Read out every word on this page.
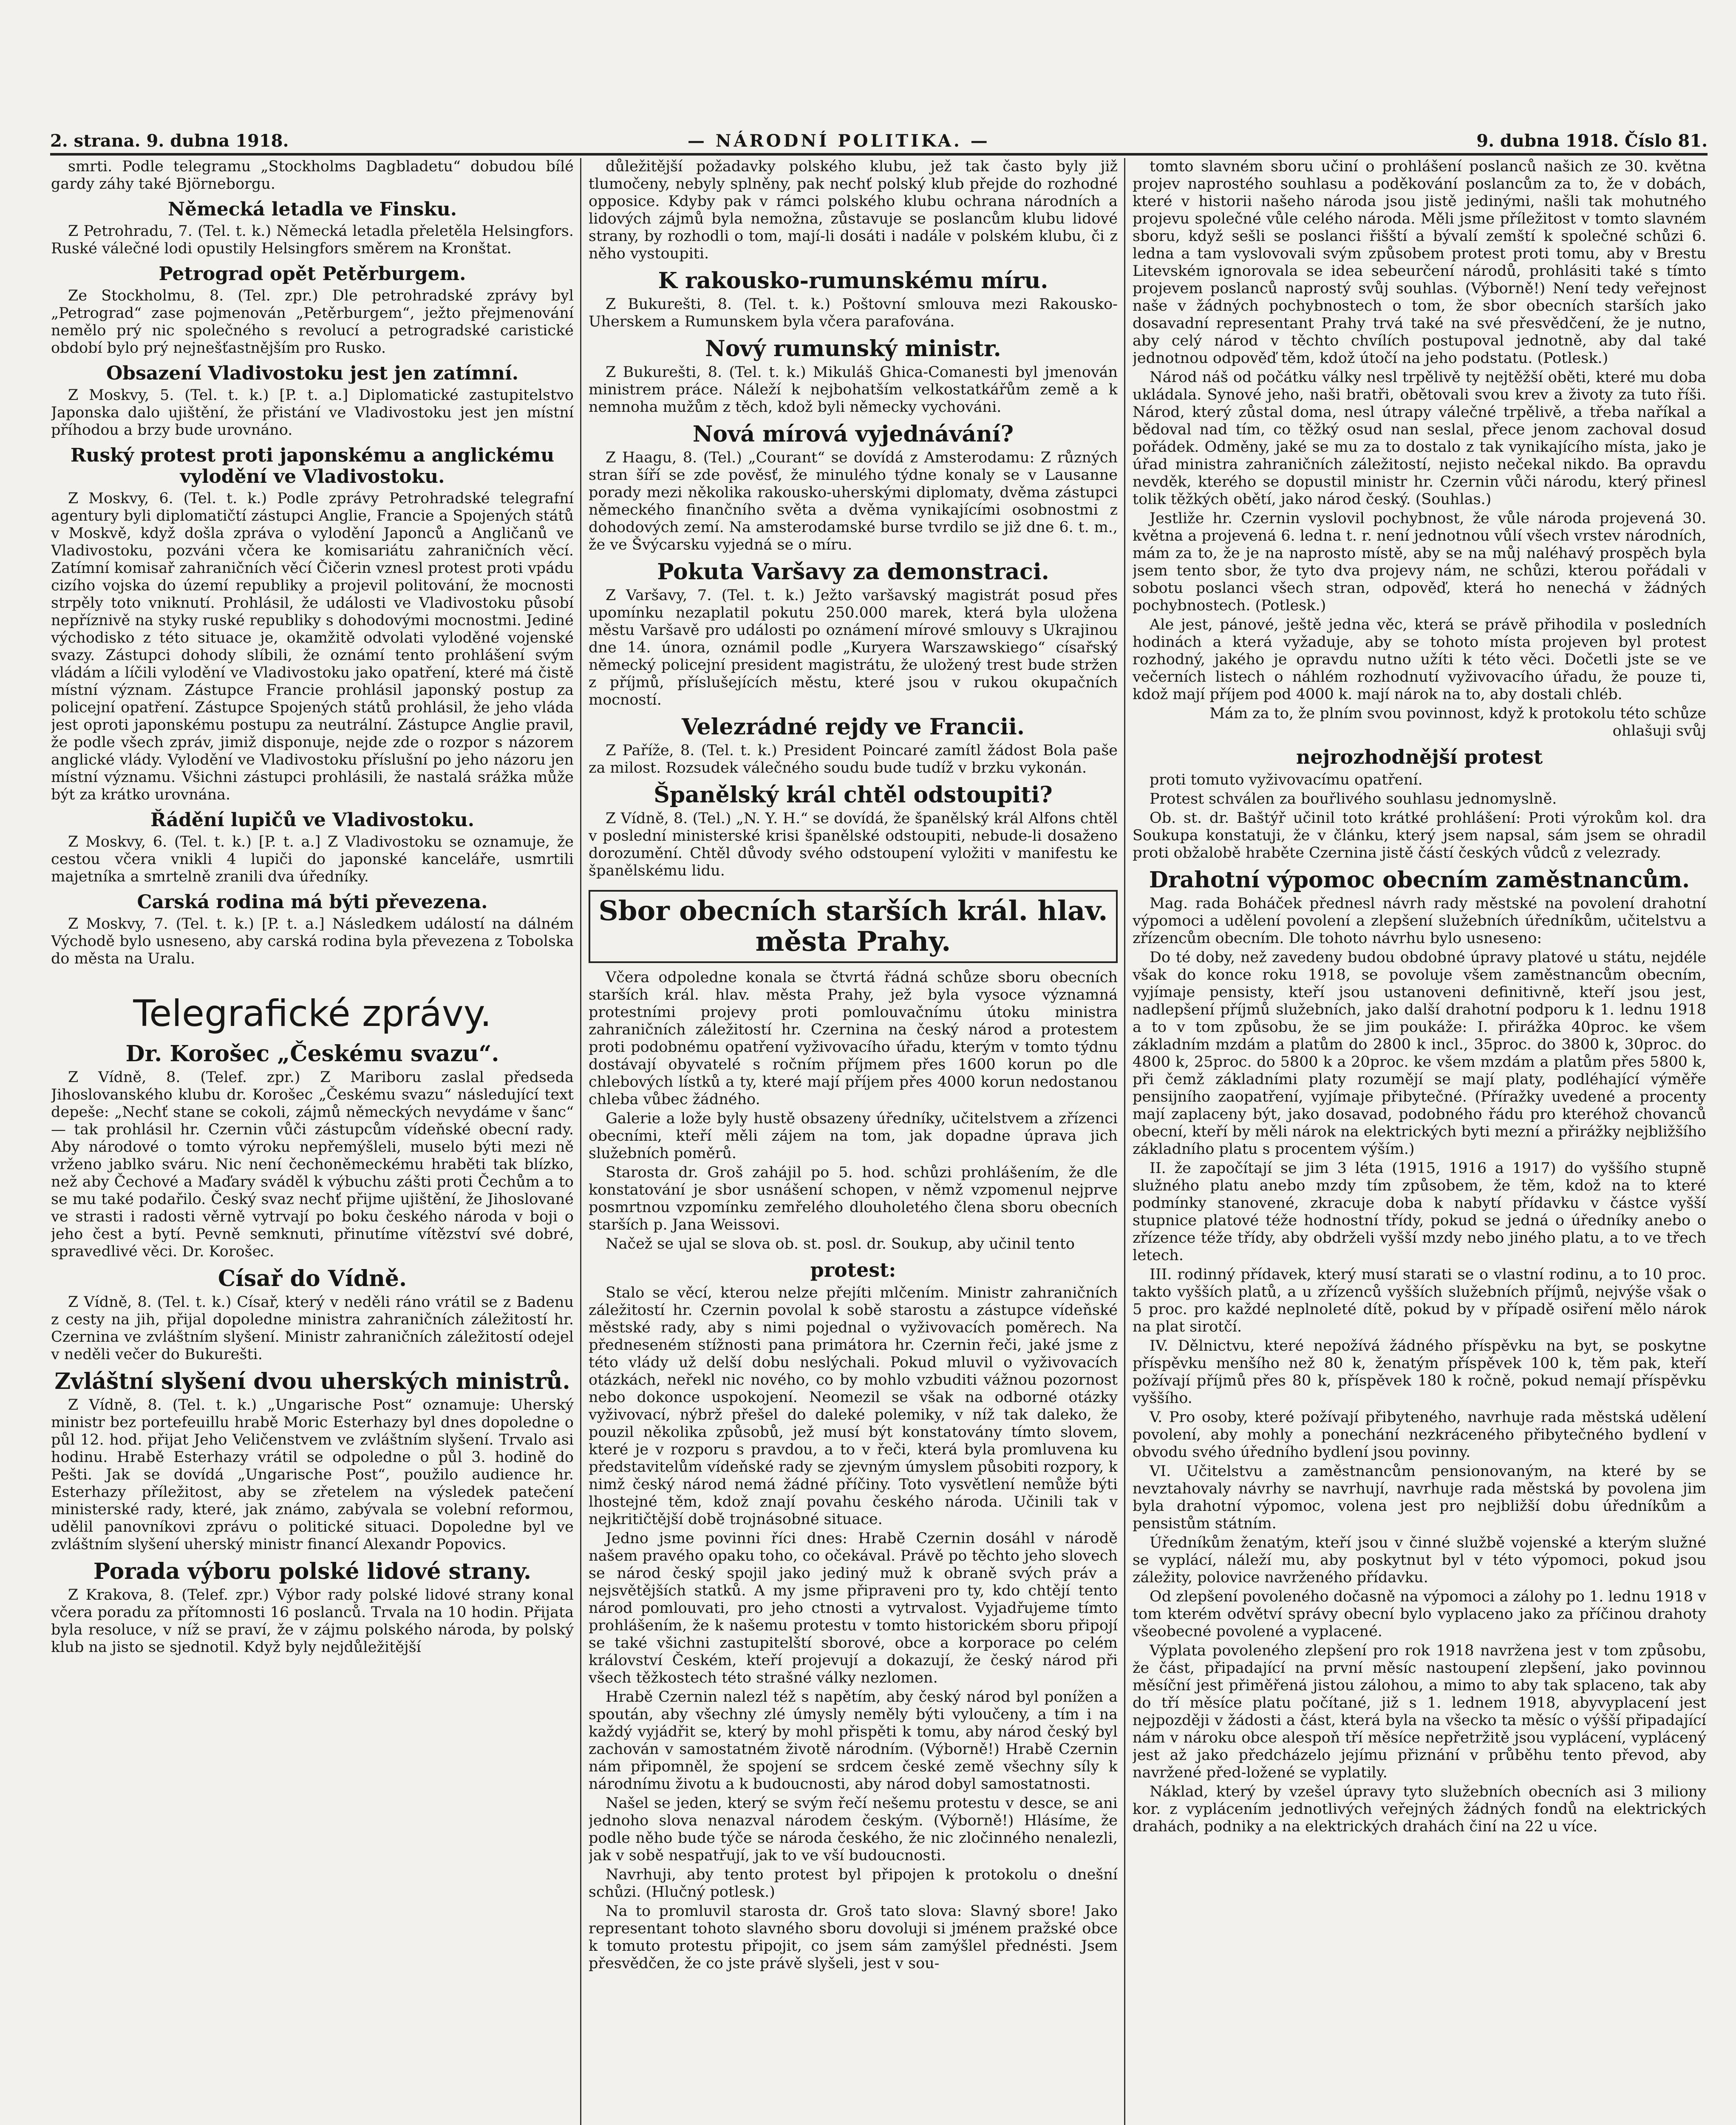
2. strana. 9. dubna 1918.	— NÁRODNÍ POLITIKA. —	9. dubna 1918. Číslo 81.

smrti. Podle telegramu „Stockholms Dagbladetu“ dobudou bílé gardy záhy také Björneborgu.

Německá letadla ve Finsku.

Z Petrohradu, 7. (Tel. t. k.) Německá letadla přeletěla Helsingfors. Ruské válečné lodi opustily Helsingfors směrem na Kronštat.

Petrograd opět Petěrburgem.

Ze Stockholmu, 8. (Tel. zpr.) Dle petrohradské zprávy byl „Petrograd“ zase pojmenován „Petěrburgem“, ježto přejmenování nemělo prý nic společného s revolucí a petrogradské caristické období bylo prý nejnešťastnějším pro Rusko.

Obsazení Vladivostoku jest jen zatímní.

Z Moskvy, 5. (Tel. t. k.) [P. t. a.] Diplomatické zastupitelstvo Japonska dalo ujištění, že přistání ve Vladivostoku jest jen místní příhodou a brzy bude urovnáno.

Ruský protest proti japonskému a anglickému vylodění ve Vladivostoku.

Z Moskvy, 6. (Tel. t. k.) Podle zprávy Petrohradské telegrafní agentury byli diplomatičtí zástupci Anglie, Francie a Spojených států v Moskvě, když došla zpráva o vylodění Japonců a Angličanů ve Vladivostoku, pozváni včera ke komisariátu zahraničních věcí. Zatímní komisař zahraničních věcí Čičerin vznesl protest proti vpádu cizího vojska do území republiky a projevil politování, že mocnosti strpěly toto vniknutí. Prohlásil, že události ve Vladivostoku působí nepříznivě na styky ruské republiky s dohodovými mocnostmi. Jediné východisko z této situace je, okamžitě odvolati vyloděné vojenské svazy. Zástupci dohody slíbili, že oznámí tento prohlášení svým vládám a líčili vylodění ve Vladivostoku jako opatření, které má čistě místní význam. Zástupce Francie prohlásil japonský postup za policejní opatření. Zástupce Spojených států prohlásil, že jeho vláda jest oproti japonskému postupu za neutrální. Zástupce Anglie pravil, že podle všech zpráv, jimiž disponuje, nejde zde o rozpor s názorem anglické vlády. Vylodění ve Vladivostoku příslušní po jeho názoru jen místní významu. Všichni zástupci prohlásili, že nastalá srážka může být za krátko urovnána.

Řádění lupičů ve Vladivostoku.

Z Moskvy, 6. (Tel. t. k.) [P. t. a.] Z Vladivostoku se oznamuje, že cestou včera vnikli 4 lupiči do japonské kanceláře, usmrtili majetníka a smrtelně zranili dva úředníky.

Carská rodina má býti převezena.

Z Moskvy, 7. (Tel. t. k.) [P. t. a.] Následkem událostí na dálném Východě bylo usneseno, aby carská rodina byla převezena z Tobolska do města na Uralu.

Telegrafické zprávy.
Dr. Korošec „Českému svazu“.

Z Vídně, 8. (Telef. zpr.) Z Mariboru zaslal předseda Jihoslovanského klubu dr. Korošec „Českému svazu“ následující text depeše: „Nechť stane se cokoli, zájmů německých nevydáme v šanc“ — tak prohlásil hr. Czernin vůči zástupcům vídeňské obecní rady. Aby národové o tomto výroku nepřemýšleli, muselo býti mezi ně vrženo jablko sváru. Nic není čechoněmeckému hraběti tak blízko, než aby Čechové a Maďary sváděl k výbuchu zášti proti Čechům a to se mu také podařilo. Český svaz nechť přijme ujištění, že Jihoslované ve strasti i radosti věrně vytrvají po boku českého národa v boji o jeho čest a bytí. Pevně semknuti, přinutíme vítězství své dobré, spravedlivé věci. Dr. Korošec.

Císař do Vídně.

Z Vídně, 8. (Tel. t. k.) Císař, který v neděli ráno vrátil se z Badenu z cesty na jih, přijal dopoledne ministra zahraničních záležitostí hr. Czernina ve zvláštním slyšení. Ministr zahraničních záležitostí odejel v neděli večer do Bukurešti.

Zvláštní slyšení dvou uherských ministrů.

Z Vídně, 8. (Tel. t. k.) „Ungarische Post“ oznamuje: Uherský ministr bez portefeuillu hrabě Moric Esterhazy byl dnes dopoledne o půl 12. hod. přijat Jeho Veličenstvem ve zvláštním slyšení. Trvalo asi hodinu. Hrabě Esterhazy vrátil se odpoledne o půl 3. hodině do Pešti. Jak se dovídá „Ungarische Post“, použilo audience hr. Esterhazy příležitost, aby se zřetelem na výsledek patečení ministerské rady, které, jak známo, zabývala se volební reformou, udělil panovníkovi zprávu o politické situaci. Dopoledne byl ve zvláštním slyšení uherský ministr financí Alexandr Popovics.

Porada výboru polské lidové strany.

Z Krakova, 8. (Telef. zpr.) Výbor rady polské lidové strany konal včera poradu za přítomnosti 16 poslanců. Trvala na 10 hodin. Přijata byla resoluce, v níž se praví, že v zájmu polského národa, by polský klub na jisto se sjednotil. Když byly nejdůležitější

důležitější požadavky polského klubu, jež tak často byly již tlumočeny, nebyly splněny, pak nechť polský klub přejde do rozhodné opposice. Kdyby pak v rámci polského klubu ochrana národních a lidových zájmů byla nemožna, zůstavuje se poslancům klubu lidové strany, by rozhodli o tom, mají-li dosáti i nadále v polském klubu, či z něho vystoupiti.

K rakousko-rumunskému míru.

Z Bukurešti, 8. (Tel. t. k.) Poštovní smlouva mezi Rakousko-Uherskem a Rumunskem byla včera parafována.

Nový rumunský ministr.

Z Bukurešti, 8. (Tel. t. k.) Mikuláš Ghica-Comanesti byl jmenován ministrem práce. Náleží k nejbohatším velkostatkářům země a k nemnoha mužům z těch, kdož byli německy vychováni.

Nová mírová vyjednávání?

Z Haagu, 8. (Tel.) „Courant“ se dovídá z Amsterodamu: Z různých stran šíří se zde pověsť, že minulého týdne konaly se v Lausanne porady mezi několika rakousko-uherskými diplomaty, dvěma zástupci německého finančního světa a dvěma vynikajícími osobnostmi z dohodových zemí. Na amsterodamské burse tvrdilo se již dne 6. t. m., že ve Švýcarsku vyjedná se o míru.

Pokuta Varšavy za demonstraci.

Z Varšavy, 7. (Tel. t. k.) Ježto varšavský magistrát posud přes upomínku nezaplatil pokutu 250.000 marek, která byla uložena městu Varšavě pro události po oznámení mírové smlouvy s Ukrajinou dne 14. února, oznámil podle „Kuryera Warszawskiego“ císařský německý policejní president magistrátu, že uložený trest bude stržen z příjmů, příslušejících městu, které jsou v rukou okupačních mocností.

Velezrádné rejdy ve Francii.

Z Paříže, 8. (Tel. t. k.) President Poincaré zamítl žádost Bola paše za milost. Rozsudek válečného soudu bude tudíž v brzku vykonán.

Španělský král chtěl odstoupiti?

Z Vídně, 8. (Tel.) „N. Y. H.“ se dovídá, že španělský král Alfons chtěl v poslední ministerské krisi španělské odstoupiti, nebude-li dosaženo dorozumění. Chtěl důvody svého odstoupení vyložiti v manifestu ke španělskému lidu.

Sbor obecních starších král. hlav. města Prahy.

Včera odpoledne konala se čtvrtá řádná schůze sboru obecních starších král. hlav. města Prahy, jež byla vysoce významná protestními projevy proti pomlouvačnímu útoku ministra zahraničních záležitostí hr. Czernina na český národ a protestem proti podobnému opatření vyživovacího úřadu, kterým v tomto týdnu dostávají obyvatelé s ročním příjmem přes 1600 korun po dle chlebových lístků a ty, které mají příjem přes 4000 korun nedostanou chleba vůbec žádného.

Galerie a lože byly hustě obsazeny úředníky, učitelstvem a zřízenci obecními, kteří měli zájem na tom, jak dopadne úprava jich služebních poměrů.

Starosta dr. Groš zahájil po 5. hod. schůzi prohlášením, že dle konstatování je sbor usnášení schopen, v němž vzpomenul nejprve posmrtnou vzpomínku zemřelého dlouholetého člena sboru obecních starších p. Jana Weissovi.

Načež se ujal se slova ob. st. posl. dr. Soukup, aby učinil tento

protest:

Stalo se věcí, kterou nelze přejíti mlčením. Ministr zahraničních záležitostí hr. Czernin povolal k sobě starostu a zástupce vídeňské městské rady, aby s nimi pojednal o vyživovacích poměrech. Na předneseném stížnosti pana primátora hr. Czernin řeči, jaké jsme z této vlády už delší dobu neslýchali. Pokud mluvil o vyživovacích otázkách, neřekl nic nového, co by mohlo vzbuditi vážnou pozornost nebo dokonce uspokojení. Neomezil se však na odborné otázky vyživovací, nýbrž přešel do daleké polemiky, v níž tak daleko, že pouzil několika způsobů, jež musí být konstatovány tímto slovem, které je v rozporu s pravdou, a to v řeči, která byla promluvena ku představitelům vídeňské rady se zjevným úmyslem působiti rozpory, k nimž český národ nemá žádné příčiny. Toto vysvětlení nemůže býti lhostejné těm, kdož znají povahu českého národa. Učinili tak v nejkritičtější době trojnásobné situace.

Jedno jsme povinni říci dnes: Hrabě Czernin dosáhl v národě našem pravého opaku toho, co očekával. Právě po těchto jeho slovech se národ český spojil jako jediný muž k obraně svých práv a nejsvětějších statků. A my jsme připraveni pro ty, kdo chtějí tento národ pomlouvati, pro jeho ctnosti a vytrvalost. Vyjadřujeme tímto prohlášením, že k našemu protestu v tomto historickém sboru připojí se také všichni zastupitelští sborové, obce a korporace po celém království Českém, kteří projevují a dokazují, že český národ při všech těžkostech této strašné války nezlomen.

Hrabě Czernin nalezl též s napětím, aby český národ byl ponížen a spoután, aby všechny zlé úmysly neměly býti vyloučeny, a tím i na každý vyjádřit se, který by mohl přispěti k tomu, aby národ český byl zachován v samostatném životě národním. (Výborně!) Hrabě Czernin nám připomněl, že spojení se srdcem české země všechny síly k národnímu životu a k budoucnosti, aby národ dobyl samostatnosti.

Našel se jeden, který se svým řečí nešemu protestu v desce, se ani jednoho slova nenazval národem českým. (Výborně!) Hlásíme, že podle něho bude týče se národa českého, že nic zločinného nenalezli, jak v sobě nespatřují, jak to ve vší budoucnosti.

Navrhuji, aby tento protest byl připojen k protokolu o dnešní schůzi. (Hlučný potlesk.)

Na to promluvil starosta dr. Groš tato slova: Slavný sbore! Jako representant tohoto slavného sboru dovoluji si jménem pražské obce k tomuto protestu připojit, co jsem sám zamýšlel přednésti. Jsem přesvědčen, že co jste právě slyšeli, jest v sou-

tomto slavném sboru učiní o prohlášení poslanců našich ze 30. května projev naprostého souhlasu a poděkování poslancům za to, že v dobách, které v historii našeho národa jsou jistě jedinými, našli tak mohutného projevu společné vůle celého národa. Měli jsme příležitost v tomto slavném sboru, když sešli se poslanci řišští a bývalí zemští k společné schůzi 6. ledna a tam vyslovovali svým způsobem protest proti tomu, aby v Brestu Litevském ignorovala se idea sebeurčení národů, prohlásiti také s tímto projevem poslanců naprostý svůj souhlas. (Výborně!) Není tedy veřejnost naše v žádných pochybnostech o tom, že sbor obecních starších jako dosavadní representant Prahy trvá také na své přesvědčení, že je nutno, aby celý národ v těchto chvílích postupoval jednotně, aby dal také jednotnou odpověď těm, kdož útočí na jeho podstatu. (Potlesk.)

Národ náš od počátku války nesl trpělivě ty nejtěžší oběti, které mu doba ukládala. Synové jeho, naši bratři, obětovali svou krev a životy za tuto říši. Národ, který zůstal doma, nesl útrapy válečné trpělivě, a třeba naříkal a bědoval nad tím, co těžký osud nan seslal, přece jenom zachoval dosud pořádek. Odměny, jaké se mu za to dostalo z tak vynikajícího místa, jako je úřad ministra zahraničních záležitostí, nejisto nečekal nikdo. Ba opravdu nevděk, kterého se dopustil ministr hr. Czernin vůči národu, který přinesl tolik těžkých obětí, jako národ český. (Souhlas.)

Jestliže hr. Czernin vyslovil pochybnost, že vůle národa projevená 30. května a projevená 6. ledna t. r. není jednotnou vůlí všech vrstev národních, mám za to, že je na naprosto místě, aby se na můj naléhavý prospěch byla jsem tento sbor, že tyto dva projevy nám, ne schůzi, kterou pořádali v sobotu poslanci všech stran, odpověď, která ho nenechá v žádných pochybnostech. (Potlesk.)

Ale jest, pánové, ještě jedna věc, která se právě přihodila v posledních hodinách a která vyžaduje, aby se tohoto místa projeven byl protest rozhodný, jakého je opravdu nutno užíti k této věci. Dočetli jste se ve večerních listech o náhlém rozhodnutí vyživovacího úřadu, že pouze ti, kdož mají příjem pod 4000 k. mají nárok na to, aby dostali chléb.

Mám za to, že plním svou povinnost, když k protokolu této schůze ohlašuji svůj

nejrozhodnější protest

proti tomuto vyživovacímu opatření.

Protest schválen za bouřlivého souhlasu jednomyslně.

Ob. st. dr. Baštýř učinil toto krátké prohlášení: Proti výrokům kol. dra Soukupa konstatuji, že v článku, který jsem napsal, sám jsem se ohradil proti obžalobě hraběte Czernina jistě částí českých vůdců z velezrady.

Drahotní výpomoc obecním zaměstnancům.

Mag. rada Boháček přednesl návrh rady městské na povolení drahotní výpomoci a udělení povolení a zlepšení služebních úředníkům, učitelstvu a zřízencům obecním. Dle tohoto návrhu bylo usneseno:

Do té doby, než zavedeny budou obdobné úpravy platové u státu, nejdéle však do konce roku 1918, se povoluje všem zaměstnancům obecním, vyjímaje pensisty, kteří jsou ustanoveni definitivně, kteří jsou jest, nadlepšení příjmů služebních, jako další drahotní podporu k 1. lednu 1918 a to v tom způsobu, že se jim poukáže: I. přirážka 40proc. ke všem základním mzdám a platům do 2800 k incl., 35proc. do 3800 k, 30proc. do 4800 k, 25proc. do 5800 k a 20proc. ke všem mzdám a platům přes 5800 k, při čemž základními platy rozumějí se mají platy, podléhající výměře pensijního zaopatření, vyjímaje přibytečné. (Příražky uvedené a procenty mají zaplaceny být, jako dosavad, podobného řádu pro kteréhož chovanců obecní, kteří by měli nárok na elektrických byti mezní a přirážky nejbližšího základního platu s procentem výším.)

II. že započítají se jim 3 léta (1915, 1916 a 1917) do vyššího stupně služného platu anebo mzdy tím způsobem, že těm, kdož na to které podmínky stanovené, zkracuje doba k nabytí přídavku v částce vyšší stupnice platové téže hodnostní třídy, pokud se jedná o úředníky anebo o zřízence téže třídy, aby obdrželi vyšší mzdy nebo jiného platu, a to ve třech letech.

III. rodinný přídavek, který musí starati se o vlastní rodinu, a to 10 proc. takto vyšších platů, a u zřízenců vyšších služebních příjmů, nejvýše však o 5 proc. pro každé neplnoleté dítě, pokud by v případě osiření mělo nárok na plat sirotčí.

IV. Dělnictvu, které nepožívá žádného příspěvku na byt, se poskytne příspěvku menšího než 80 k, ženatým příspěvek 100 k, těm pak, kteří požívají příjmů přes 80 k, příspěvek 180 k ročně, pokud nemají příspěvku vyššího.

V. Pro osoby, které požívají přibyteného, navrhuje rada městská udělení povolení, aby mohly a ponechání nezkráceného přibytečného bydlení v obvodu svého úředního bydlení jsou povinny.

VI. Učitelstvu a zaměstnancům pensionovaným, na které by se nevztahovaly návrhy se navrhují, navrhuje rada městská by povolena jim byla drahotní výpomoc, volena jest pro nejbližší dobu úředníkům a pensistům státním.

Úředníkům ženatým, kteří jsou v činné službě vojenské a kterým služné se vyplácí, náleží mu, aby poskytnut byl v této výpomoci, pokud jsou záležity, polovice navrženého přídavku.

Od zlepšení povoleného dočasně na výpomoci a zálohy po 1. lednu 1918 v tom kterém odvětví správy obecní bylo vyplaceno jako za příčinou drahoty všeobecné povolené a vyplacené.

Výplata povoleného zlepšení pro rok 1918 navržena jest v tom způsobu, že část, připadající na první měsíc nastoupení zlepšení, jako povinnou měsíční jest přiměřená jistou zálohou, a mimo to aby tak splaceno, tak aby do tří měsíce platu počítané, již s 1. lednem 1918, abyvyplacení jest nejpozději v žádosti a část, která byla na všecko ta měsíc o výšší připadající nám v nároku obce alespoň tří měsíce nepřetržitě jsou vyplácení, vyplácený jest až jako předcházelo jejímu přiznání v průběhu tento převod, aby navržené před-ložené se vyplatily.

Náklad, který by vzešel úpravy tyto služebních obecních asi 3 miliony kor. z vyplácením jednotlivých veřejných žádných fondů na elektrických drahách, podniky a na elektrických drahách činí na 22 u více.
